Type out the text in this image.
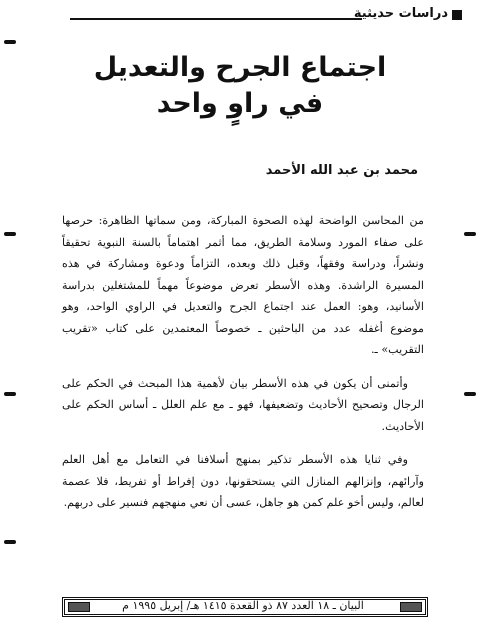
دراسات حديثية
اجتماع الجرح والتعديل
في راوٍ واحد
محمد بن عبد الله الأحمد

من المحاسن الواضحة لهذه الصحوة المباركة، ومن سماتها الظاهرة: حرصها على صفاء المورد وسلامة الطريق، مما أثمر اهتماماً بالسنة النبوية تحقيقاً ونشراً، ودراسة وفقهاً، وقبل ذلك وبعده، التزاماً ودعوة ومشاركة في هذه المسيرة الراشدة. وهذه الأسطر تعرض موضوعاً مهماً للمشتغلين بدراسة الأسانيد، وهو: العمل عند اجتماع الجرح والتعديل في الراوي الواحد، وهو موضوع أغفله عدد من الباحثين ـ خصوصاً المعتمدين على كتاب «تقريب التقريب» ـ.

وأتمنى أن يكون في هذه الأسطر بيان لأهمية هذا المبحث في الحكم على الرجال وتصحيح الأحاديث وتضعيفها، فهو ـ مع علم العلل ـ أساس الحكم على الأحاديث.

وفي ثنايا هذه الأسطر تذكير بمنهج أسلافنا في التعامل مع أهل العلم وآرائهم، وإنزالهم المنازل التي يستحقونها، دون إفراط أو تفريط، فلا عصمة لعالم، وليس أخو علم كمن هو جاهل، عسى أن نعي منهجهم فنسير على دربهم.

البيان ـ ١٨ العدد ٨٧ ذو القعدة ١٤١٥ هـ/ إبريل ١٩٩٥ م
